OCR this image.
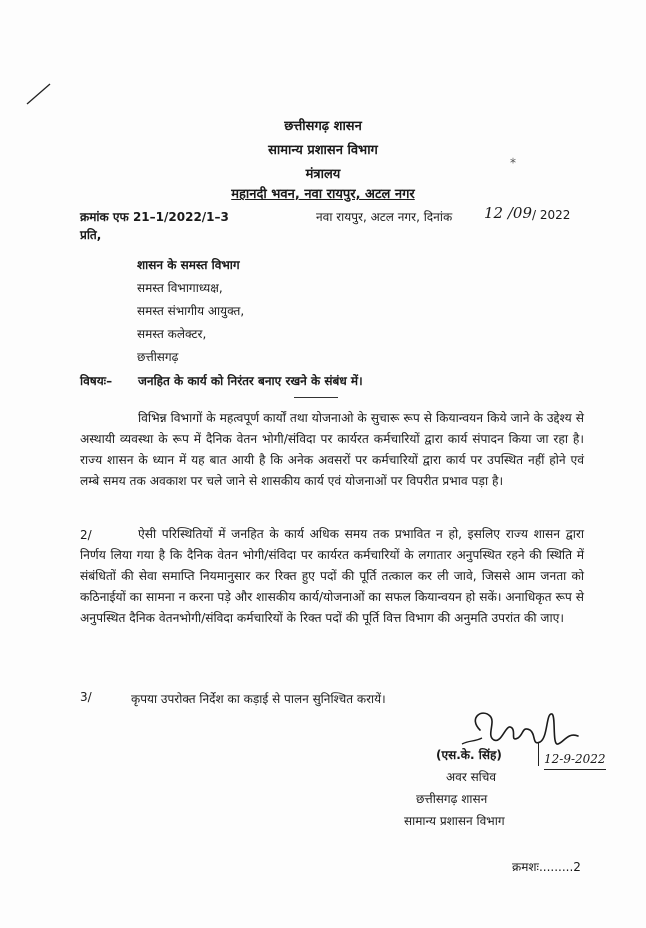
छत्तीसगढ़ शासन
सामान्य प्रशासन विभाग
मंत्रालय
महानदी भवन, नवा रायपुर, अटल नगर
⁎
क्रमांक एफ 21–1/2022/1–3	नवा रायपुर, अटल नगर, दिनांक 12 /09 / 2022
प्रति,
शासन के समस्त विभाग
समस्त विभागाध्यक्ष,
समस्त संभागीय आयुक्त,
समस्त कलेक्टर,
छत्तीसगढ़
विषयः– जनहित के कार्य को निरंतर बनाए रखने के संबंध में।
विभिन्न विभागों के महत्वपूर्ण कार्यों तथा योजनाओ के सुचारू रूप से कियान्वयन किये जाने के उद्देश्य से अस्थायी व्यवस्था के रूप में दैनिक वेतन भोगी/संविदा पर कार्यरत कर्मचारियों द्वारा कार्य संपादन किया जा रहा है। राज्य शासन के ध्यान में यह बात आयी है कि अनेक अवसरों पर कर्मचारियों द्वारा कार्य पर उपस्थित नहीं होने एवं लम्बे समय तक अवकाश पर चले जाने से शासकीय कार्य एवं योजनाओं पर विपरीत प्रभाव पड़ा है।
2/	ऐसी परिस्थितियों में जनहित के कार्य अधिक समय तक प्रभावित न हो, इसलिए राज्य शासन द्वारा निर्णय लिया गया है कि दैनिक वेतन भोगी/संविदा पर कार्यरत कर्मचारियों के लगातार अनुपस्थित रहने की स्थिति में संबंधितों की सेवा समाप्ति नियमानुसार कर रिक्त हुए पदों की पूर्ति तत्काल कर ली जावे, जिससे आम जनता को कठिनाईयों का सामना न करना पड़े और शासकीय कार्य/योजनाओं का सफल कियान्वयन हो सकें। अनाधिकृत रूप से अनुपस्थित दैनिक वेतनभोगी/संविदा कर्मचारियों के रिक्त पदों की पूर्ति वित्त विभाग की अनुमति उपरांत की जाए।
3/	कृपया उपरोक्त निर्देश का कड़ाई से पालन सुनिश्चित करायें।
(एस.के. सिंह)	12-9-2022
अवर सचिव
छत्तीसगढ़ शासन
सामान्य प्रशासन विभाग
क्रमशः.........2
